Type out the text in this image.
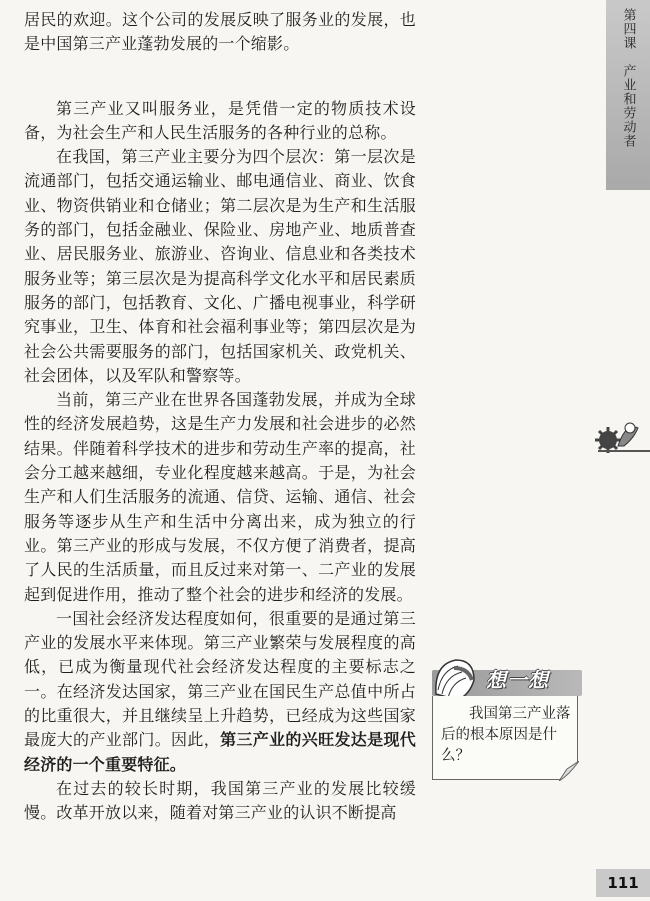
居民的欢迎。这个公司的发展反映了服务业的发展，也是中国第三产业蓬勃发展的一个缩影。

第三产业又叫服务业，是凭借一定的物质技术设备，为社会生产和人民生活服务的各种行业的总称。

在我国，第三产业主要分为四个层次：第一层次是流通部门，包括交通运输业、邮电通信业、商业、饮食业、物资供销业和仓储业；第二层次是为生产和生活服务的部门，包括金融业、保险业、房地产业、地质普查业、居民服务业、旅游业、咨询业、信息业和各类技术服务业等；第三层次是为提高科学文化水平和居民素质服务的部门，包括教育、文化、广播电视事业，科学研究事业，卫生、体育和社会福利事业等；第四层次是为社会公共需要服务的部门，包括国家机关、政党机关、社会团体，以及军队和警察等。

当前，第三产业在世界各国蓬勃发展，并成为全球性的经济发展趋势，这是生产力发展和社会进步的必然结果。伴随着科学技术的进步和劳动生产率的提高，社会分工越来越细，专业化程度越来越高。于是，为社会生产和人们生活服务的流通、信贷、运输、通信、社会服务等逐步从生产和生活中分离出来，成为独立的行业。第三产业的形成与发展，不仅方便了消费者，提高了人民的生活质量，而且反过来对第一、二产业的发展起到促进作用，推动了整个社会的进步和经济的发展。

一国社会经济发达程度如何，很重要的是通过第三产业的发展水平来体现。第三产业繁荣与发展程度的高低，已成为衡量现代社会经济发达程度的主要标志之一。在经济发达国家，第三产业在国民生产总值中所占的比重很大，并且继续呈上升趋势，已经成为这些国家最庞大的产业部门。因此，第三产业的兴旺发达是现代经济的一个重要特征。

在过去的较长时期，我国第三产业的发展比较缓慢。改革开放以来，随着对第三产业的认识不断提高

第四课
产业和劳动者
想一想
我国第三产业落后的根本原因是什么？
111
